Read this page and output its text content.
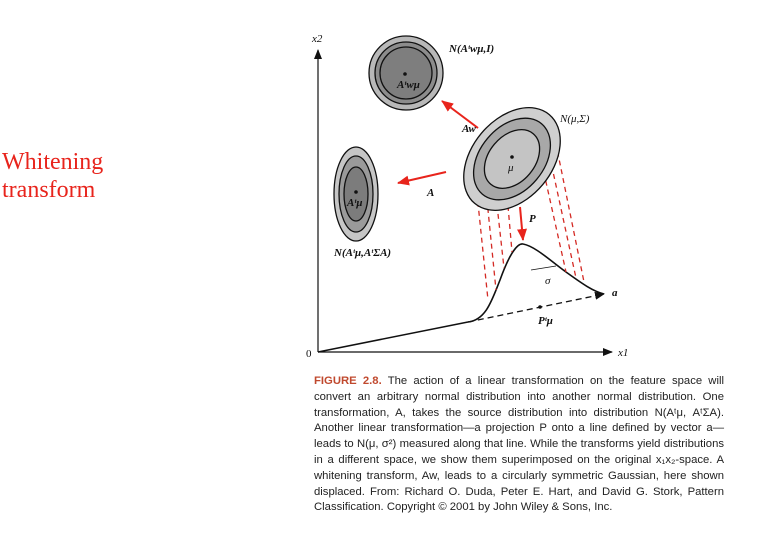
Whitening
transform
x2
x1
0
a
Pᵗμ
σ
μ
N(μ,Σ)
Aᵗwμ
N(Aᵗwμ,I)
Aᵗμ
N(Aᵗμ,AᵗΣA)
Aw
A
P
FIGURE 2.8. The action of a linear transformation on the feature space will convert an arbitrary normal distribution into another normal distribution. One transformation, A, takes the source distribution into distribution N(Aᵗμ, AᵗΣA). Another linear transformation—a projection P onto a line defined by vector a—leads to N(μ, σ²) measured along that line. While the transforms yield distributions in a different space, we show them superimposed on the original x₁x₂-space. A whitening transform, Aw, leads to a circularly symmetric Gaussian, here shown displaced. From: Richard O. Duda, Peter E. Hart, and David G. Stork, Pattern Classification. Copyright © 2001 by John Wiley & Sons, Inc.
